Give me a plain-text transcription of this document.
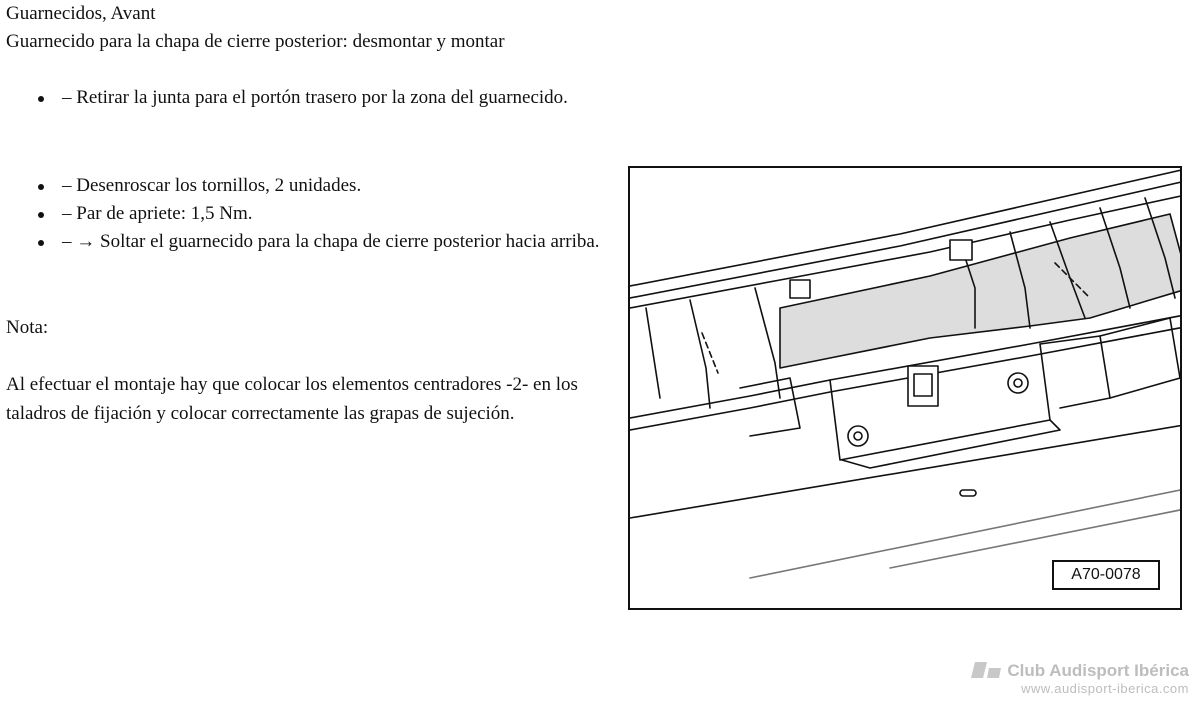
Guarnecidos, Avant
Guarnecido para la chapa de cierre posterior: desmontar y montar
– Retirar la junta para el portón trasero por la zona del guarnecido.
– Desenroscar los tornillos, 2 unidades.
– Par de apriete: 1,5 Nm.
– → Soltar el guarnecido para la chapa de cierre posterior hacia arriba.
Nota:
Al efectuar el montaje hay que colocar los elementos centradores -2- en los taladros de fijación y colocar correctamente las grapas de sujeción.
A70-0078
Club Audisport Ibérica
www.audisport-iberica.com
